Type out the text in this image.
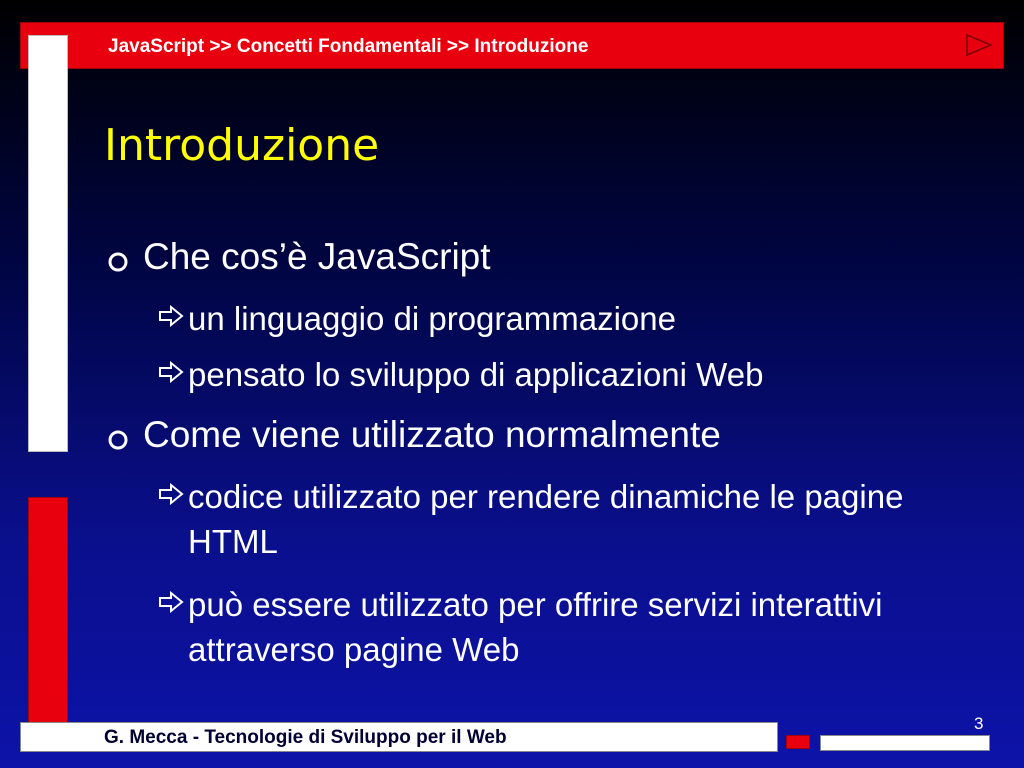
JavaScript >> Concetti Fondamentali >> Introduzione
Introduzione
Che cos’è JavaScript
un linguaggio di programmazione
pensato lo sviluppo di applicazioni Web
Come viene utilizzato normalmente
codice utilizzato per rendere dinamiche le pagine HTML
può essere utilizzato per offrire servizi interattivi attraverso pagine Web
G. Mecca - Tecnologie di Sviluppo per il Web
3
